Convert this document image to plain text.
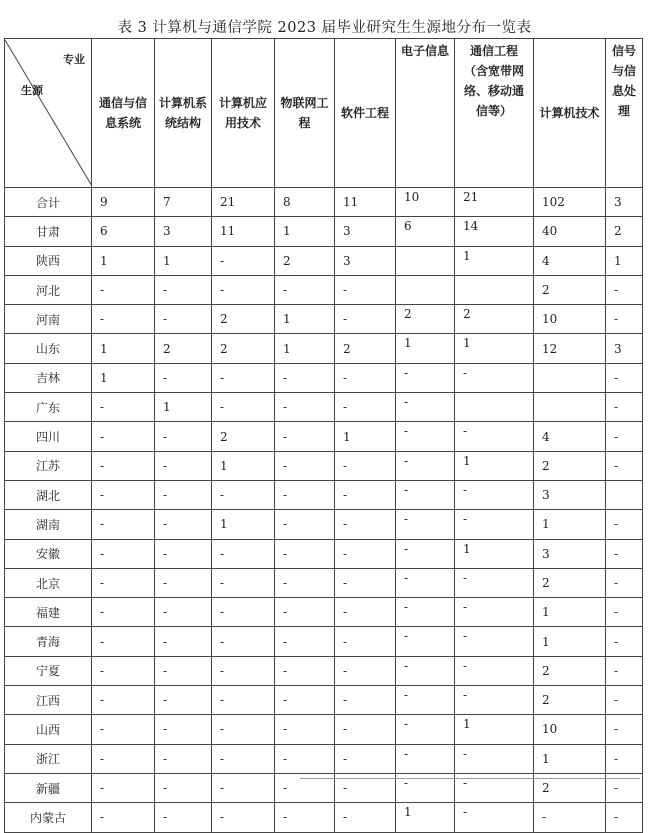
表 3 计算机与通信学院 2023 届毕业研究生生源地分布一览表
专业
生源	通信与信息系统	计算机系统结构	计算机应用技术	物联网工程	软件工程	电子信息	通信工程（含宽带网络、移动通信等）	计算机技术	信号与信息处理
合计	9	7	21	8	11	10	21	102	3
甘肃	6	3	11	1	3	6	14	40	2
陕西	1	1	-	2	3		1	4	1
河北	-	-	-	-	-			2	-
河南	-	-	2	1	-	2	2	10	-
山东	1	2	2	1	2	1	1	12	3
吉林	1	-	-	-	-	-	-		-
广东	-	1	-	-	-	-			-
四川	-	-	2	-	1	-	-	4	-
江苏	-	-	1	-	-	-	1	2	-
湖北	-	-	-	-	-	-	-	3	
湖南	-	-	1	-	-	-	-	1	-
安徽	-	-	-	-	-	-	1	3	-
北京	-	-	-	-	-	-	-	2	-
福建	-	-	-	-	-	-	-	1	-
青海	-	-	-	-	-	-	-	1	-
宁夏	-	-	-	-	-	-	-	2	-
江西	-	-	-	-	-	-	-	2	-
山西	-	-	-	-	-	-	1	10	-
浙江	-	-	-	-	-	-	-	1	-
新疆	-	-	-	-	-	-	-	2	-
内蒙古	-	-	-	-	-	1	-	-	-
